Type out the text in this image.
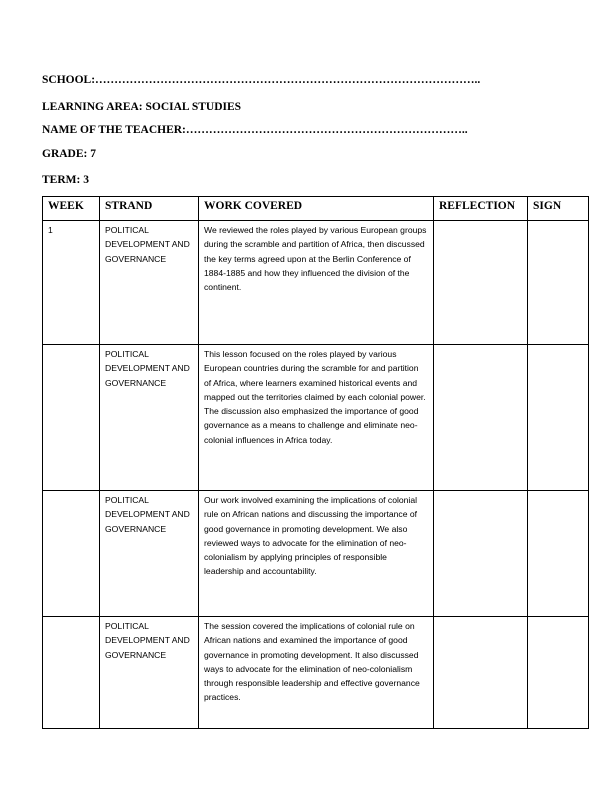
SCHOOL:………………………………………………………………………………………..
LEARNING AREA: SOCIAL STUDIES
NAME OF THE TEACHER:………………………………………………………………..
GRADE: 7
TERM: 3
WEEK	STRAND	WORK COVERED	REFLECTION	SIGN
1	POLITICAL DEVELOPMENT AND GOVERNANCE	We reviewed the roles played by various European groups during the scramble and partition of Africa, then discussed the key terms agreed upon at the Berlin Conference of 1884-1885 and how they influenced the division of the continent.		
	POLITICAL DEVELOPMENT AND GOVERNANCE	This lesson focused on the roles played by various European countries during the scramble for and partition of Africa, where learners examined historical events and mapped out the territories claimed by each colonial power. The discussion also emphasized the importance of good governance as a means to challenge and eliminate neo-colonial influences in Africa today.		
	POLITICAL DEVELOPMENT AND GOVERNANCE	Our work involved examining the implications of colonial rule on African nations and discussing the importance of good governance in promoting development. We also reviewed ways to advocate for the elimination of neo-colonialism by applying principles of responsible leadership and accountability.		
	POLITICAL DEVELOPMENT AND GOVERNANCE	The session covered the implications of colonial rule on African nations and examined the importance of good governance in promoting development. It also discussed ways to advocate for the elimination of neo-colonialism through responsible leadership and effective governance practices.		
